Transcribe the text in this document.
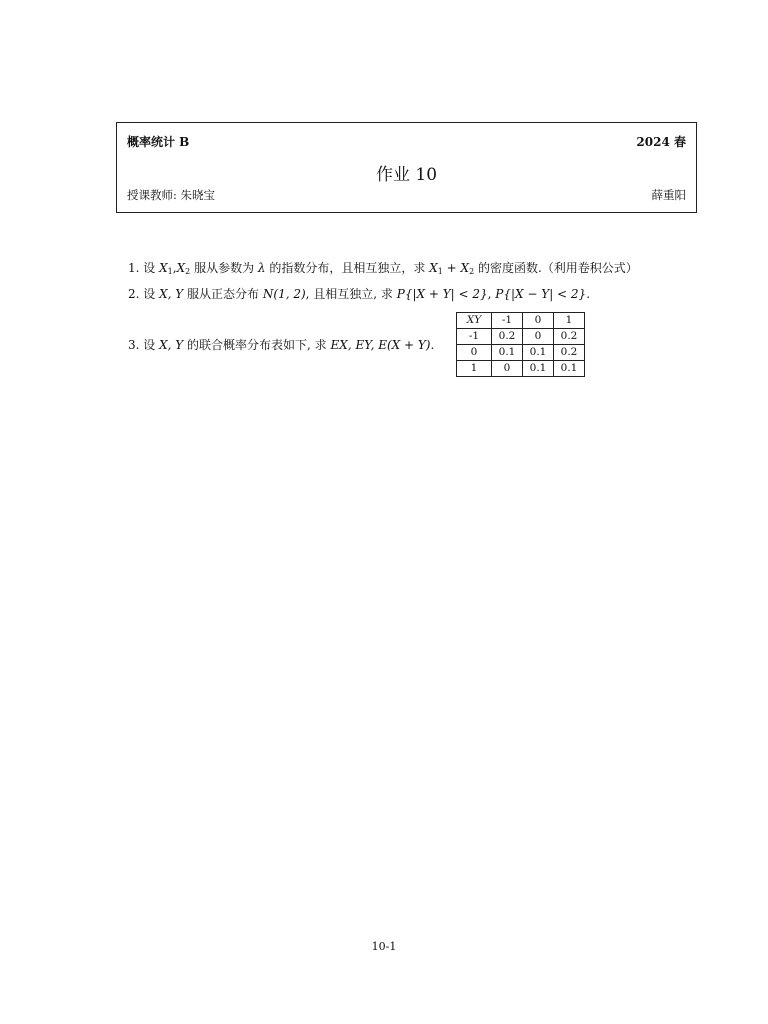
概率统计 B	2024 春
作业 10
授课教师: 朱晓宝	薛重阳
1. 设 $X_1,X_2$ 服从参数为 λ 的指数分布，且相互独立，求 $X_1 + X_2$ 的密度函数.（利用卷积公式）
2. 设 X, Y 服从正态分布 N(1, 2), 且相互独立, 求 P{|X + Y| < 2}, P{|X − Y| < 2}.
3. 设 X, Y 的联合概率分布表如下, 求 EX, EY, E(X + Y).
XY	-1	0	1
-1	0.2	0	0.2
0	0.1	0.1	0.2
1	0	0.1	0.1
10-1
